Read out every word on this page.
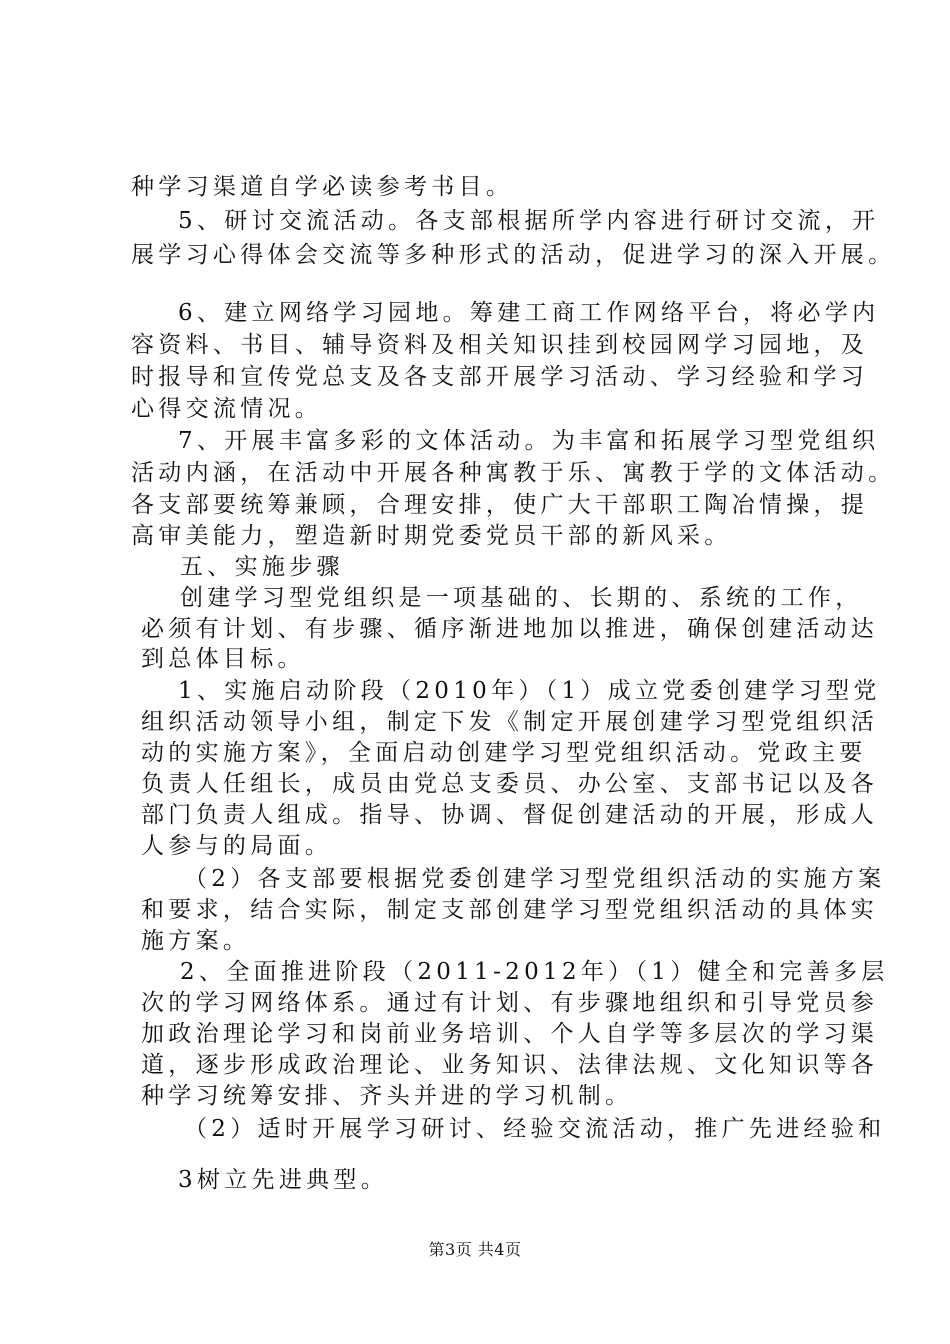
种学习渠道自学必读参考书目。

5、研讨交流活动。各支部根据所学内容进行研讨交流，开

展学习心得体会交流等多种形式的活动，促进学习的深入开展。

6、建立网络学习园地。筹建工商工作网络平台，将必学内

容资料、书目、辅导资料及相关知识挂到校园网学习园地，及

时报导和宣传党总支及各支部开展学习活动、学习经验和学习

心得交流情况。

7、开展丰富多彩的文体活动。为丰富和拓展学习型党组织

活动内涵，在活动中开展各种寓教于乐、寓教于学的文体活动。

各支部要统筹兼顾，合理安排，使广大干部职工陶冶情操，提

高审美能力，塑造新时期党委党员干部的新风采。

五、实施步骤

创建学习型党组织是一项基础的、长期的、系统的工作，

必须有计划、有步骤、循序渐进地加以推进，确保创建活动达

到总体目标。

1、实施启动阶段（2010年）（1）成立党委创建学习型党

组织活动领导小组，制定下发《制定开展创建学习型党组织活

动的实施方案》，全面启动创建学习型党组织活动。党政主要

负责人任组长，成员由党总支委员、办公室、支部书记以及各

部门负责人组成。指导、协调、督促创建活动的开展，形成人

人参与的局面。

（2）各支部要根据党委创建学习型党组织活动的实施方案

和要求，结合实际，制定支部创建学习型党组织活动的具体实

施方案。

2、全面推进阶段（2011-2012年）（1）健全和完善多层

次的学习网络体系。通过有计划、有步骤地组织和引导党员参

加政治理论学习和岗前业务培训、个人自学等多层次的学习渠

道，逐步形成政治理论、业务知识、法律法规、文化知识等各

种学习统筹安排、齐头并进的学习机制。

（2）适时开展学习研讨、经验交流活动，推广先进经验和

3树立先进典型。

第3页 共4页
